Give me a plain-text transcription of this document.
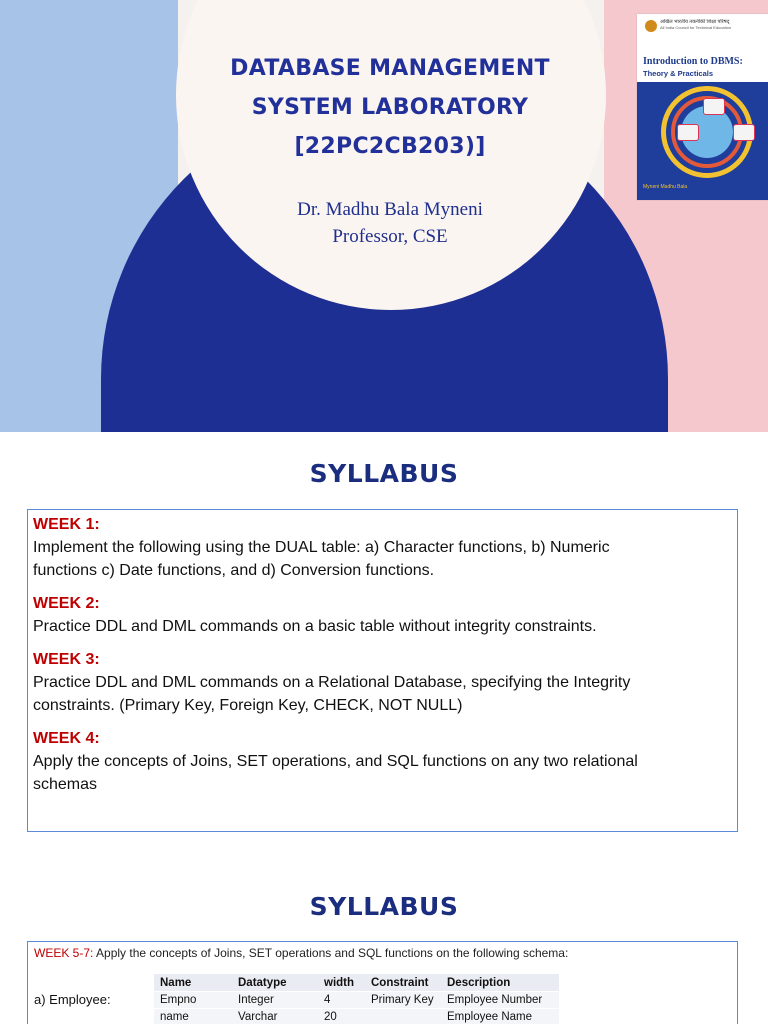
DATABASE MANAGEMENT
SYSTEM LABORATORY
[22PC2CB203)]
Dr. Madhu Bala Myneni
Professor, CSE
अखिल भारतीय तकनीकी शिक्षा परिषद्
All India Council for Technical Education
Introduction to DBMS:
Theory & Practicals
Myneni Madhu Bala
SYLLABUS
WEEK 1:
Implement the following using the DUAL table: a) Character functions, b) Numeric
functions c) Date functions, and d) Conversion functions.
WEEK 2:
Practice DDL and DML commands on a basic table without integrity constraints.
WEEK 3:
Practice DDL and DML commands on a Relational Database, specifying the Integrity
constraints. (Primary Key, Foreign Key, CHECK, NOT NULL)
WEEK 4:
Apply the concepts of Joins, SET operations, and SQL functions on any two relational
schemas
SYLLABUS
WEEK 5-7: Apply the concepts of Joins, SET operations and SQL functions on the following schema:
a) Employee:
Name	Datatype	width	Constraint	Description
Empno	Integer	4	Primary Key	Employee Number
name	Varchar	20		Employee Name
